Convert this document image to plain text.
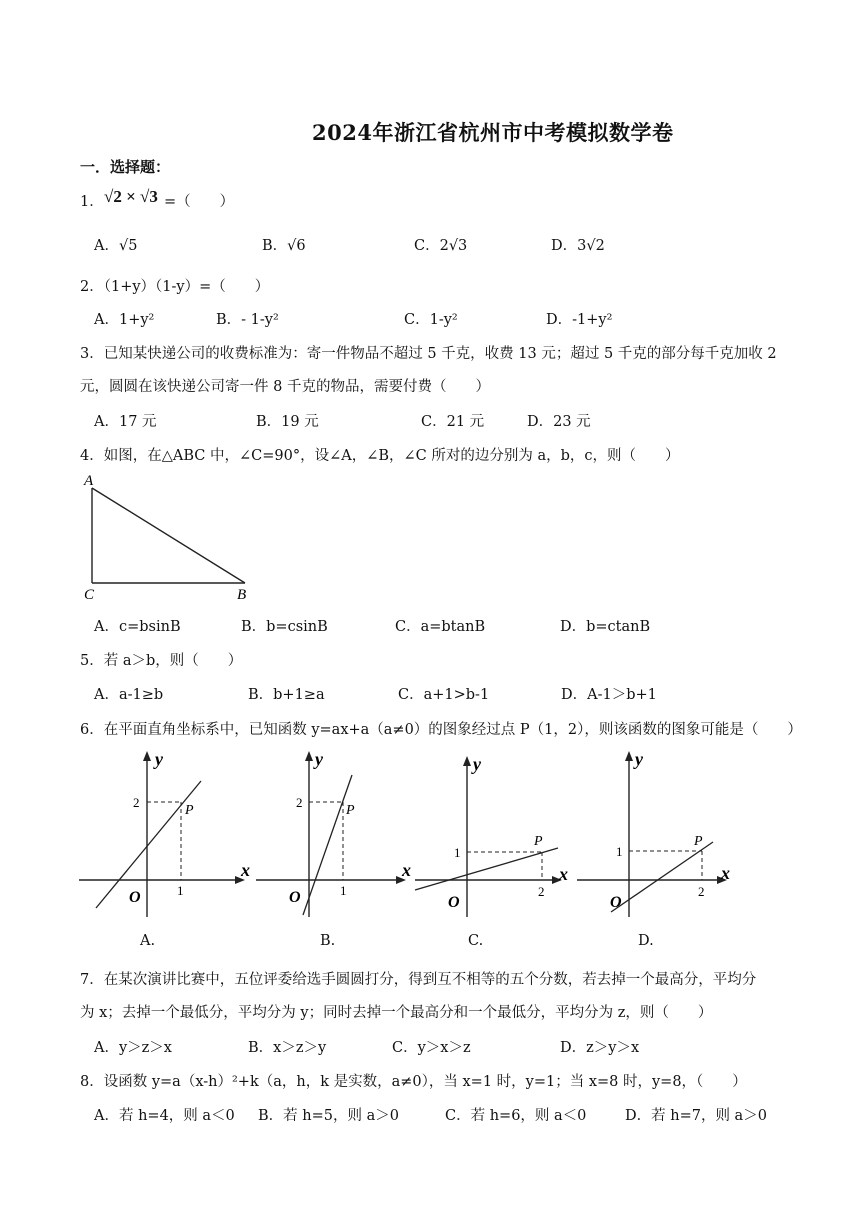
2024年浙江省杭州市中考模拟数学卷
一．选择题：
1． √2 × √3 =（　　）
A．√5	B．√6	C．2√3	D．3√2
2．（1+y）（1-y）=（　　）
A．1+y²	B．- 1-y²	C．1-y²	D．-1+y²
3．已知某快递公司的收费标准为：寄一件物品不超过 5 千克，收费 13 元；超过 5 千克的部分每千克加收 2
元，圆圆在该快递公司寄一件 8 千克的物品，需要付费（　　）
A．17 元	B．19 元	C．21 元	D．23 元
4．如图，在△ABC 中，∠C=90°，设∠A，∠B，∠C 所对的边分别为 a，b，c，则（　　）
A
C	B
A．c=bsinB	B．b=csinB	C．a=btanB	D．b=ctanB
5．若 a＞b，则（　　）
A．a-1≥b	B．b+1≥a	C．a+1>b-1	D．A-1＞b+1
6．在平面直角坐标系中，已知函数 y=ax+a（a≠0）的图象经过点 P（1，2），则该函数的图象可能是（　　）
y
x
O
2
1
P
y
x
O
2
1
P
y
x
O
1
2
P
y
x
O
1
2
P
A.	B.	C.	D.
7．在某次演讲比赛中，五位评委给选手圆圆打分，得到互不相等的五个分数，若去掉一个最高分，平均分
为 x；去掉一个最低分，平均分为 y；同时去掉一个最高分和一个最低分，平均分为 z，则（　　）
A．y＞z＞x	B．x＞z＞y	C．y＞x＞z	D．z＞y＞x
8．设函数 y=a（x-h）²+k（a，h，k 是实数，a≠0），当 x=1 时，y=1；当 x=8 时，y=8，（　　）
A．若 h=4，则 a＜0 B．若 h=5，则 a＞0	C．若 h=6，则 a＜0	D．若 h=7，则 a＞0
